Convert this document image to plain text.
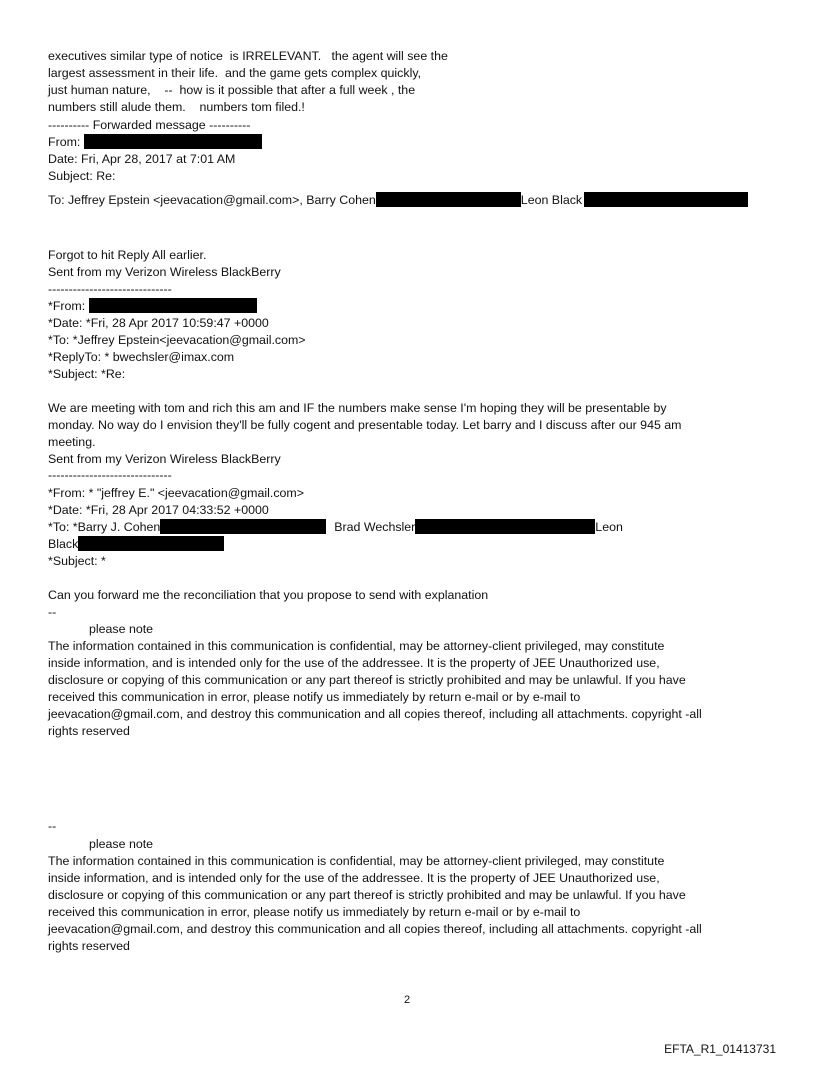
executives similar type of notice  is IRRELEVANT.   the agent will see the
largest assessment in their life.  and the game gets complex quickly,
just human nature,    --  how is it possible that after a full week , the
numbers still alude them.    numbers tom filed.!
---------- Forwarded message ----------
From:
Date: Fri, Apr 28, 2017 at 7:01 AM
Subject: Re:
To: Jeffrey Epstein <jeevacation@gmail.com>, Barry Cohen	Leon Black
Forgot to hit Reply All earlier.
Sent from my Verizon Wireless BlackBerry
------------------------------
*From:
*Date: *Fri, 28 Apr 2017 10:59:47 +0000
*To: *Jeffrey Epstein<jeevacation@gmail.com>
*ReplyTo: * bwechsler@imax.com
*Subject: *Re:
We are meeting with tom and rich this am and IF the numbers make sense I'm hoping they will be presentable by
monday. No way do I envision they'll be fully cogent and presentable today. Let barry and I discuss after our 945 am
meeting.
Sent from my Verizon Wireless BlackBerry
------------------------------
*From: * "jeffrey E." <jeevacation@gmail.com>
*Date: *Fri, 28 Apr 2017 04:33:52 +0000
*To: *Barry J. Cohen	Brad Wechsler	Leon
Black
*Subject: *
Can you forward me the reconciliation that you propose to send with explanation
--
please note
The information contained in this communication is confidential, may be attorney-client privileged, may constitute
inside information, and is intended only for the use of the addressee. It is the property of JEE Unauthorized use,
disclosure or copying of this communication or any part thereof is strictly prohibited and may be unlawful. If you have
received this communication in error, please notify us immediately by return e-mail or by e-mail to
jeevacation@gmail.com, and destroy this communication and all copies thereof, including all attachments. copyright -all
rights reserved
--
please note
The information contained in this communication is confidential, may be attorney-client privileged, may constitute
inside information, and is intended only for the use of the addressee. It is the property of JEE Unauthorized use,
disclosure or copying of this communication or any part thereof is strictly prohibited and may be unlawful. If you have
received this communication in error, please notify us immediately by return e-mail or by e-mail to
jeevacation@gmail.com, and destroy this communication and all copies thereof, including all attachments. copyright -all
rights reserved
2
EFTA_R1_01413731
